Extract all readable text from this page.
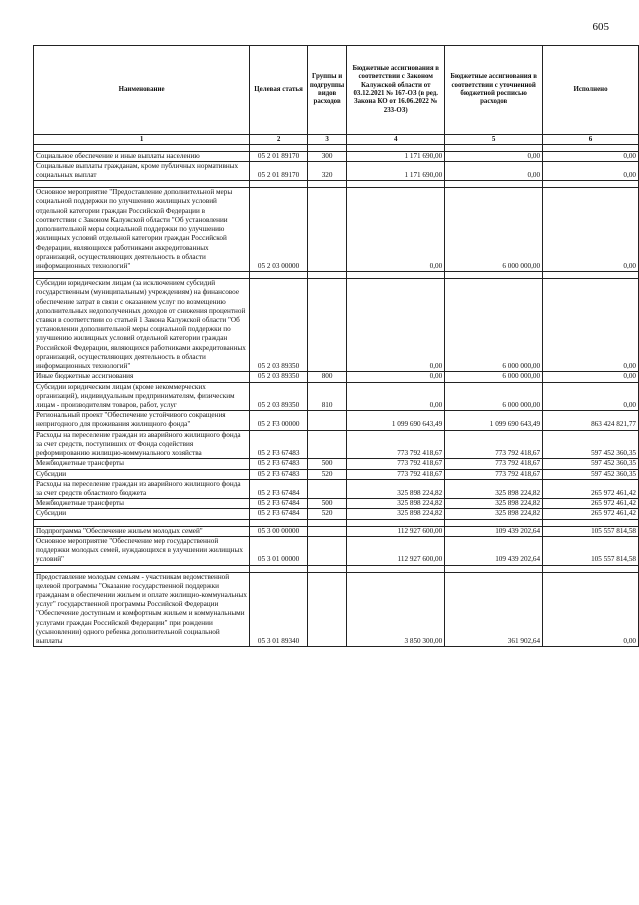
605
Наименование	Целевая статья	Группы и подгруппы видов расходов	Бюджетные ассигнования в соответствии с Законом Калужской области от 03.12.2021 № 167-ОЗ (в ред. Закона КО от 16.06.2022 № 233-ОЗ)	Бюджетные ассигнования в соответствии с уточненной бюджетной росписью расходов	Исполнено
1	2	3	4	5	6

Социальное обеспечение и иные выплаты населению	05 2 01 89170	300	1 171 690,00	0,00	0,00
Социальные выплаты гражданам, кроме публичных нормативных социальных выплат	05 2 01 89170	320	1 171 690,00	0,00	0,00

Основное мероприятие "Предоставление дополнительной меры социальной поддержки по улучшению жилищных условий отдельной категории граждан Российской Федерации в соответствии с Законом Калужской области "Об установлении дополнительной меры социальной поддержки по улучшению жилищных условий отдельной категории граждан Российской Федерации, являющихся работниками аккредитованных организаций, осуществляющих деятельность в области информационных технологий"	05 2 03 00000		0,00	6 000 000,00	0,00

Субсидии юридическим лицам (за исключением субсидий государственным (муниципальным) учреждениям) на финансовое обеспечение затрат в связи с оказанием услуг по возмещению дополнительных недополученных доходов от снижения процентной ставки в соответствии со статьей 1 Закона Калужской области "Об установлении дополнительной меры социальной поддержки по улучшению жилищных условий отдельной категории граждан Российской Федерации, являющихся работниками аккредитованных организаций, осуществляющих деятельность в области информационных технологий"	05 2 03 89350		0,00	6 000 000,00	0,00
Иные бюджетные ассигнования	05 2 03 89350	800	0,00	6 000 000,00	0,00
Субсидии юридическим лицам (кроме некоммерческих организаций), индивидуальным предпринимателям, физическим лицам - производителям товаров, работ, услуг	05 2 03 89350	810	0,00	6 000 000,00	0,00
Региональный проект "Обеспечение устойчивого сокращения непригодного для проживания жилищного фонда"	05 2 F3 00000		1 099 690 643,49	1 099 690 643,49	863 424 821,77
Расходы на переселение граждан из аварийного жилищного фонда за счет средств, поступивших от Фонда содействия реформированию жилищно-коммунального хозяйства	05 2 F3 67483		773 792 418,67	773 792 418,67	597 452 360,35
Межбюджетные трансферты	05 2 F3 67483	500	773 792 418,67	773 792 418,67	597 452 360,35
Субсидии	05 2 F3 67483	520	773 792 418,67	773 792 418,67	597 452 360,35
Расходы на переселение граждан из аварийного жилищного фонда за счет средств областного бюджета	05 2 F3 67484		325 898 224,82	325 898 224,82	265 972 461,42
Межбюджетные трансферты	05 2 F3 67484	500	325 898 224,82	325 898 224,82	265 972 461,42
Субсидии	05 2 F3 67484	520	325 898 224,82	325 898 224,82	265 972 461,42

Подпрограмма "Обеспечение жильем молодых семей"	05 3 00 00000		112 927 600,00	109 439 202,64	105 557 814,58
Основное мероприятие "Обеспечение мер государственной поддержки молодых семей, нуждающихся в улучшении жилищных условий"	05 3 01 00000		112 927 600,00	109 439 202,64	105 557 814,58

Предоставление молодым семьям - участникам ведомственной целевой программы "Оказание государственной поддержки гражданам в обеспечении жильем и оплате жилищно-коммунальных услуг" государственной программы Российской Федерации "Обеспечение доступным и комфортным жильем и коммунальными услугами граждан Российской Федерации" при рождении (усыновлении) одного ребенка дополнительной социальной выплаты	05 3 01 89340		3 850 300,00	361 902,64	0,00
